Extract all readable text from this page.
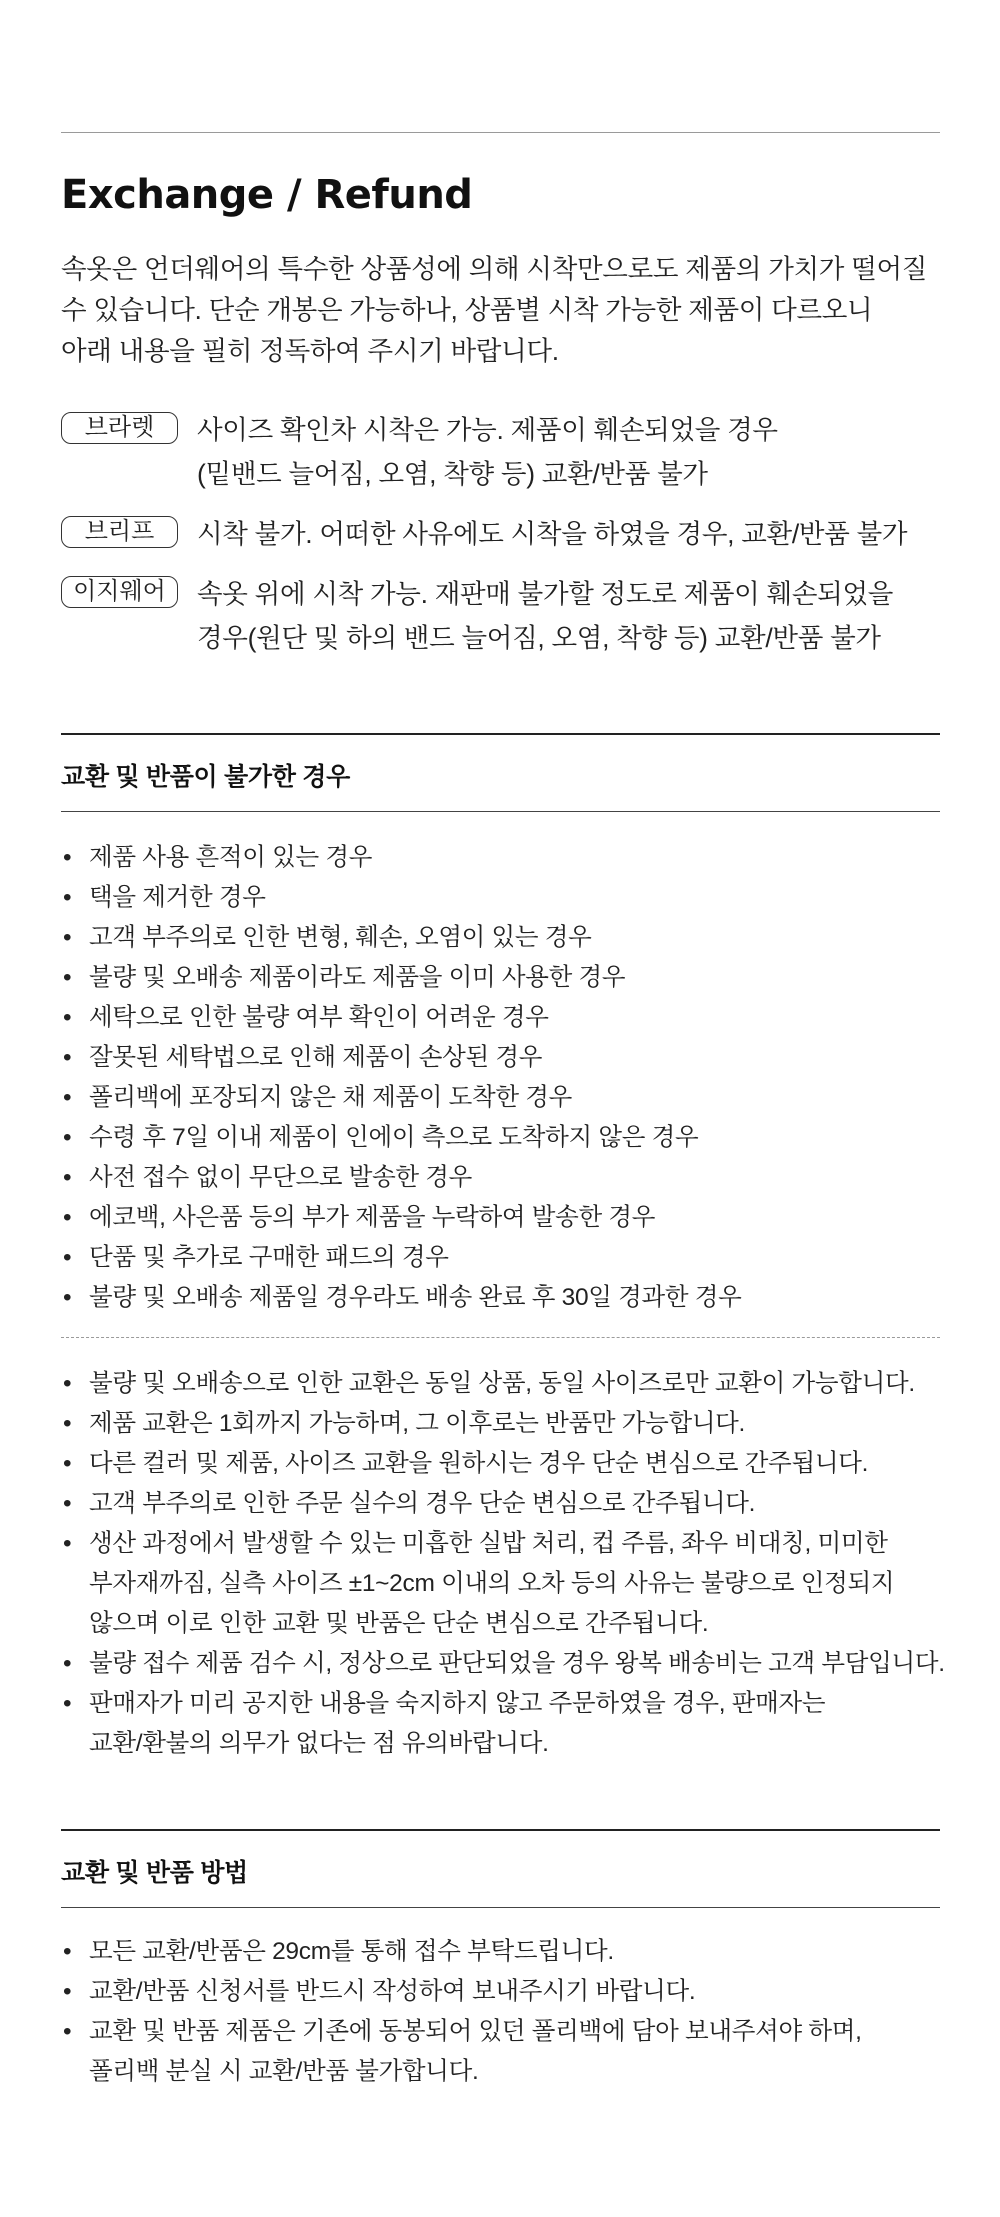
Exchange / Refund
속옷은 언더웨어의 특수한 상품성에 의해 시착만으로도 제품의 가치가 떨어질
수 있습니다. 단순 개봉은 가능하나, 상품별 시착 가능한 제품이 다르오니
아래 내용을 필히 정독하여 주시기 바랍니다.
브라렛	사이즈 확인차 시착은 가능. 제품이 훼손되었을 경우
(밑밴드 늘어짐, 오염, 착향 등) 교환/반품 불가
브리프	시착 불가. 어떠한 사유에도 시착을 하였을 경우, 교환/반품 불가
이지웨어	속옷 위에 시착 가능. 재판매 불가할 정도로 제품이 훼손되었을
경우(원단 및 하의 밴드 늘어짐, 오염, 착향 등) 교환/반품 불가
교환 및 반품이 불가한 경우
• 제품 사용 흔적이 있는 경우
• 택을 제거한 경우
• 고객 부주의로 인한 변형, 훼손, 오염이 있는 경우
• 불량 및 오배송 제품이라도 제품을 이미 사용한 경우
• 세탁으로 인한 불량 여부 확인이 어려운 경우
• 잘못된 세탁법으로 인해 제품이 손상된 경우
• 폴리백에 포장되지 않은 채 제품이 도착한 경우
• 수령 후 7일 이내 제품이 인에이 측으로 도착하지 않은 경우
• 사전 접수 없이 무단으로 발송한 경우
• 에코백, 사은품 등의 부가 제품을 누락하여 발송한 경우
• 단품 및 추가로 구매한 패드의 경우
• 불량 및 오배송 제품일 경우라도 배송 완료 후 30일 경과한 경우
• 불량 및 오배송으로 인한 교환은 동일 상품, 동일 사이즈로만 교환이 가능합니다.
• 제품 교환은 1회까지 가능하며, 그 이후로는 반품만 가능합니다.
• 다른 컬러 및 제품, 사이즈 교환을 원하시는 경우 단순 변심으로 간주됩니다.
• 고객 부주의로 인한 주문 실수의 경우 단순 변심으로 간주됩니다.
• 생산 과정에서 발생할 수 있는 미흡한 실밥 처리, 컵 주름, 좌우 비대칭, 미미한
부자재까짐, 실측 사이즈 ±1~2cm 이내의 오차 등의 사유는 불량으로 인정되지
않으며 이로 인한 교환 및 반품은 단순 변심으로 간주됩니다.
• 불량 접수 제품 검수 시, 정상으로 판단되었을 경우 왕복 배송비는 고객 부담입니다.
• 판매자가 미리 공지한 내용을 숙지하지 않고 주문하였을 경우, 판매자는
교환/환불의 의무가 없다는 점 유의바랍니다.
교환 및 반품 방법
• 모든 교환/반품은 29cm를 통해 접수 부탁드립니다.
• 교환/반품 신청서를 반드시 작성하여 보내주시기 바랍니다.
• 교환 및 반품 제품은 기존에 동봉되어 있던 폴리백에 담아 보내주셔야 하며,
폴리백 분실 시 교환/반품 불가합니다.
